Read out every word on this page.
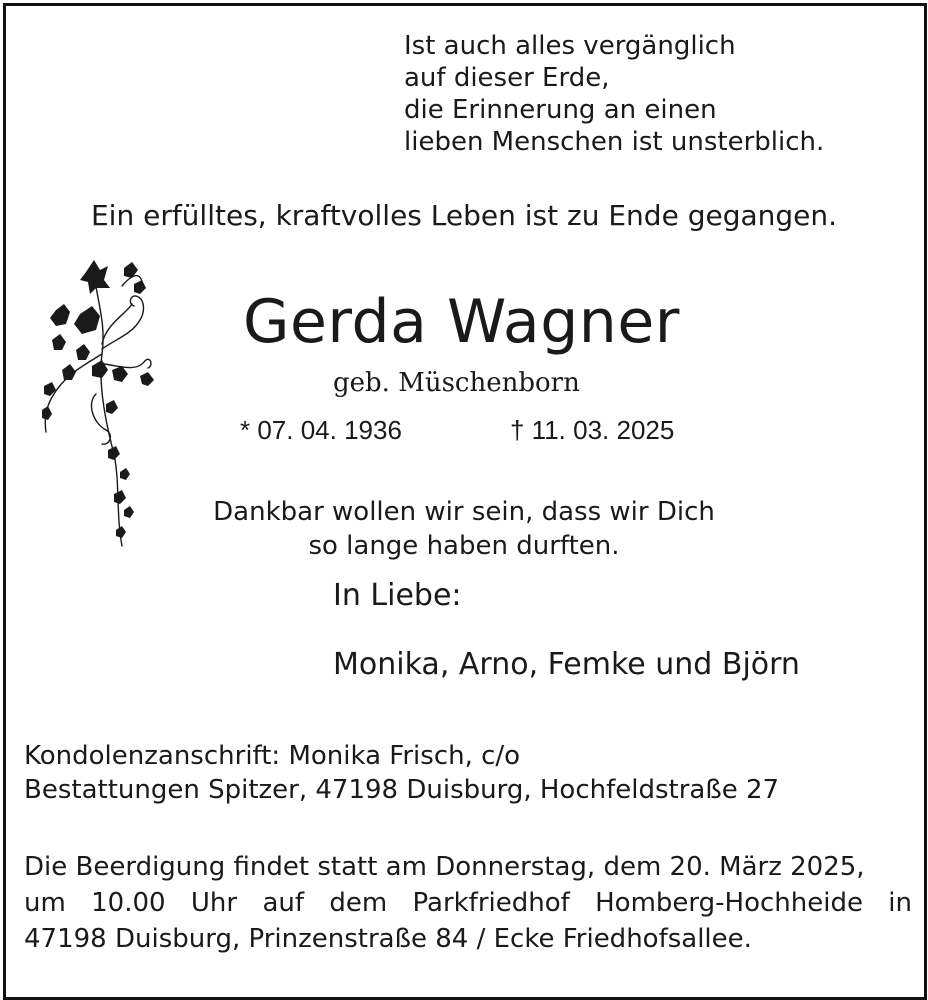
Ist auch alles vergänglich
auf dieser Erde,
die Erinnerung an einen
lieben Menschen ist unsterblich.
Ein erfülltes, kraftvolles Leben ist zu Ende gegangen.
Gerda Wagner
geb. Müschenborn
* 07. 04. 1936	† 11. 03. 2025
Dankbar wollen wir sein, dass wir Dich
so lange haben durften.
In Liebe:
Monika, Arno, Femke und Björn
Kondolenzanschrift: Monika Frisch, c/o
Bestattungen Spitzer, 47198 Duisburg, Hochfeldstraße 27
Die Beerdigung findet statt am Donnerstag, dem 20. März 2025,
um 10.00 Uhr auf dem Parkfriedhof Homberg-Hochheide in
47198 Duisburg, Prinzenstraße 84 / Ecke Friedhofsallee.
